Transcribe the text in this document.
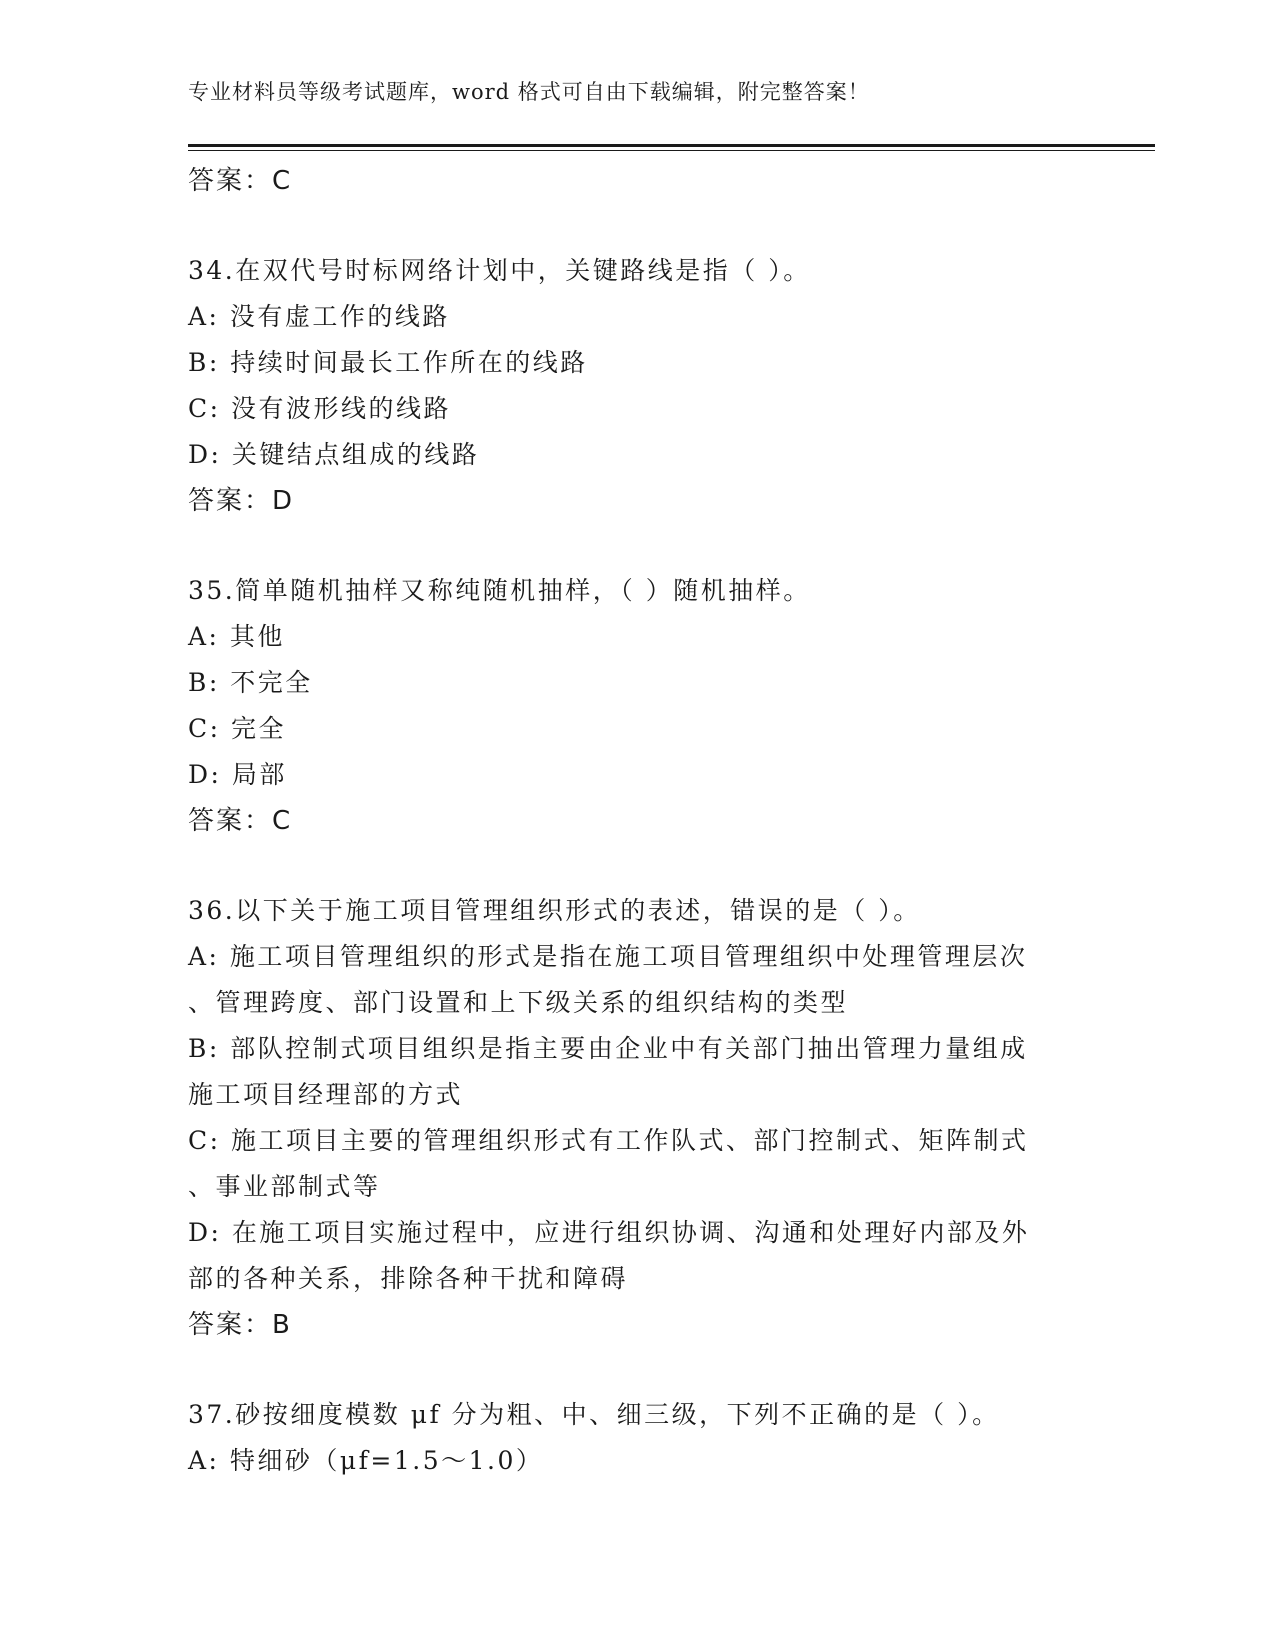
专业材料员等级考试题库，word 格式可自由下载编辑，附完整答案！
答案：C
34.在双代号时标网络计划中，关键路线是指（ ）。
A: 没有虚工作的线路
B: 持续时间最长工作所在的线路
C: 没有波形线的线路
D: 关键结点组成的线路
答案：D
35.简单随机抽样又称纯随机抽样，（ ）随机抽样。
A: 其他
B: 不完全
C: 完全
D: 局部
答案：C
36.以下关于施工项目管理组织形式的表述，错误的是（ ）。
A: 施工项目管理组织的形式是指在施工项目管理组织中处理管理层次
、管理跨度、部门设置和上下级关系的组织结构的类型
B: 部队控制式项目组织是指主要由企业中有关部门抽出管理力量组成
施工项目经理部的方式
C: 施工项目主要的管理组织形式有工作队式、部门控制式、矩阵制式
、事业部制式等
D: 在施工项目实施过程中，应进行组织协调、沟通和处理好内部及外
部的各种关系，排除各种干扰和障碍
答案：B
37.砂按细度模数 μf 分为粗、中、细三级，下列不正确的是（ ）。
A: 特细砂（μf=1.5～1.0）
